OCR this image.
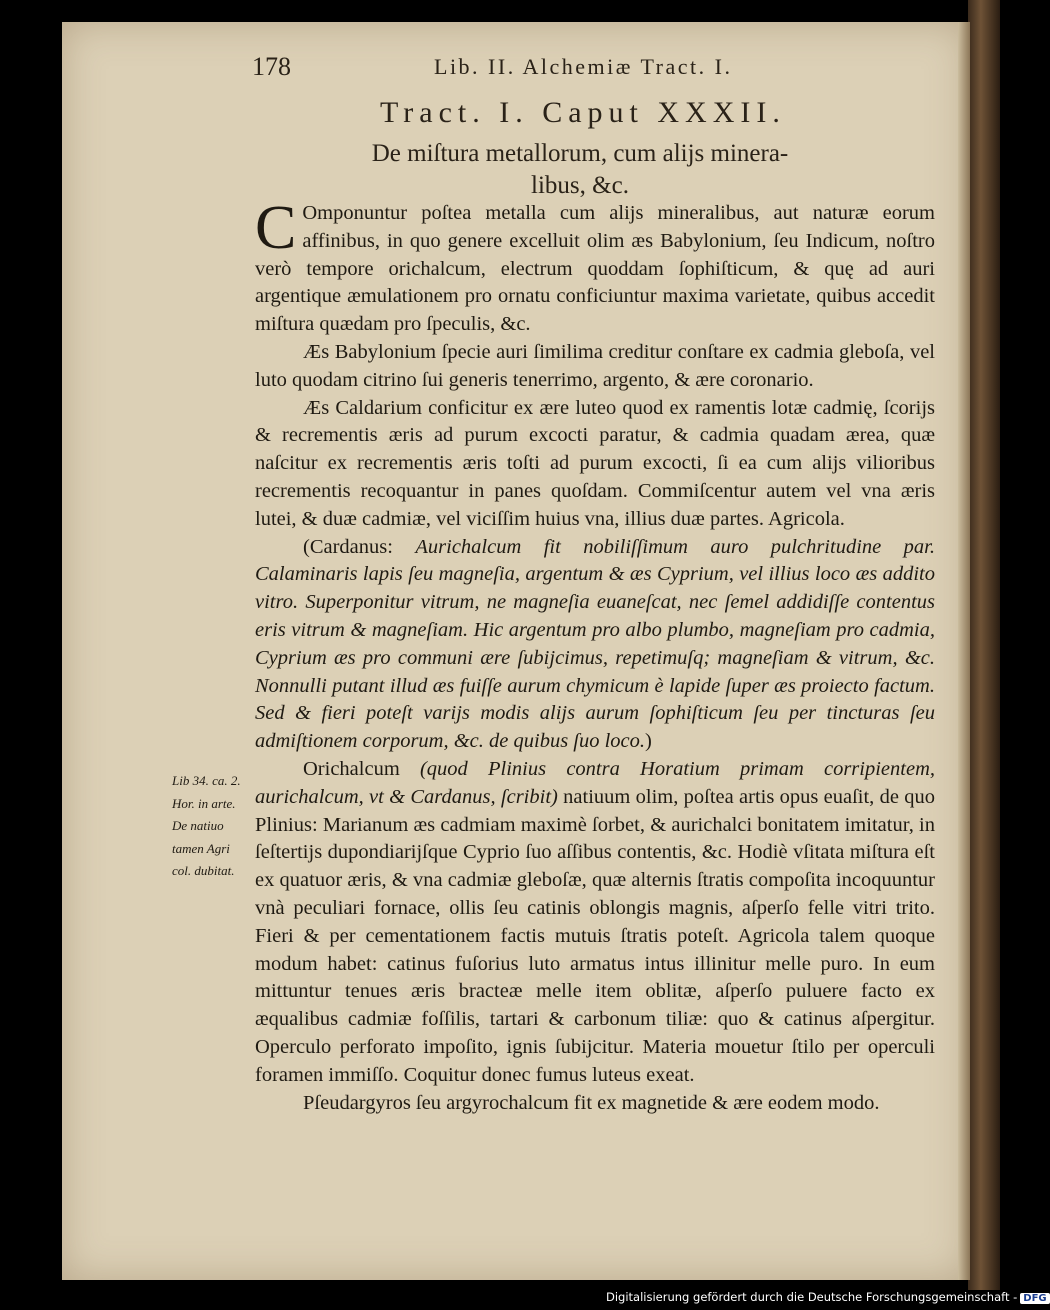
178	Lib. II. Alchemiæ Tract. I.
Tract. I. Caput XXXII.
De miſtura metallorum, cum alijs minera-
libus, &c.

C Omponuntur poſtea metalla cum alijs mineralibus, aut naturæ eorum affinibus, in quo genere excelluit olim æs Babylonium, ſeu Indicum, noſtro verò tempore orichalcum, electrum quoddam ſophiſticum, & quę ad auri argentique æmulationem pro ornatu conficiuntur maxima varietate, quibus accedit miſtura quædam pro ſpeculis, &c.

Æs Babylonium ſpecie auri ſimilima creditur conſtare ex cadmia gleboſa, vel luto quodam citrino ſui generis tenerrimo, argento, & ære coronario.

Æs Caldarium conficitur ex ære luteo quod ex ramentis lotæ cadmię, ſcorijs & recrementis æris ad purum excocti paratur, & cadmia quadam ærea, quæ naſcitur ex recrementis æris toſti ad purum excocti, ſi ea cum alijs vilioribus recrementis recoquantur in panes quoſdam. Commiſcentur autem vel vna æris lutei, & duæ cadmiæ, vel viciſſim huius vna, illius duæ partes. Agricola.

(Cardanus: Aurichalcum fit nobiliſſimum auro pulchritudine par. Calaminaris lapis ſeu magneſia, argentum & æs Cyprium, vel illius loco æs addito vitro. Superponitur vitrum, ne magneſia euaneſcat, nec ſemel addidiſſe contentus eris vitrum & magneſiam. Hic argentum pro albo plumbo, magneſiam pro cadmia, Cyprium æs pro communi ære ſubijcimus, repetimuſq; magneſiam & vitrum, &c. Nonnulli putant illud æs fuiſſe aurum chymicum è lapide ſuper æs proiecto factum. Sed & fieri poteſt varijs modis alijs aurum ſophiſticum ſeu per tincturas ſeu admiſtionem corporum, &c. de quibus ſuo loco.)

Orichalcum (quod Plinius contra Horatium primam corripientem, aurichalcum, vt & Cardanus, ſcribit) natiuum olim, poſtea artis opus euaſit, de quo Plinius: Marianum æs cadmiam maximè ſorbet, & aurichalci bonitatem imitatur, in ſeſtertijs dupondiarijſque Cyprio ſuo aſſibus contentis, &c. Hodiè vſitata miſtura eſt ex quatuor æris, & vna cadmiæ gleboſæ, quæ alternis ſtratis compoſita incoquuntur vnà peculiari fornace, ollis ſeu catinis oblongis magnis, aſperſo felle vitri trito. Fieri & per cementationem factis mutuis ſtratis poteſt. Agricola talem quoque modum habet: catinus fuſorius luto armatus intus illinitur melle puro. In eum mittuntur tenues æris bracteæ melle item oblitæ, aſperſo puluere facto ex æqualibus cadmiæ foſſilis, tartari & carbonum tiliæ: quo & catinus aſpergitur. Operculo perforato impoſito, ignis ſubijcitur. Materia mouetur ſtilo per operculi foramen immiſſo. Coquitur donec fumus luteus exeat.

Pſeudargyros ſeu argyrochalcum fit ex magnetide & ære eodem modo.

Lib 34. ca. 2.
Hor. in arte.
De natiuo
tamen Agri
col. dubitat.
Digitalisierung gefördert durch die Deutsche Forschungsgemeinschaft - DFG
